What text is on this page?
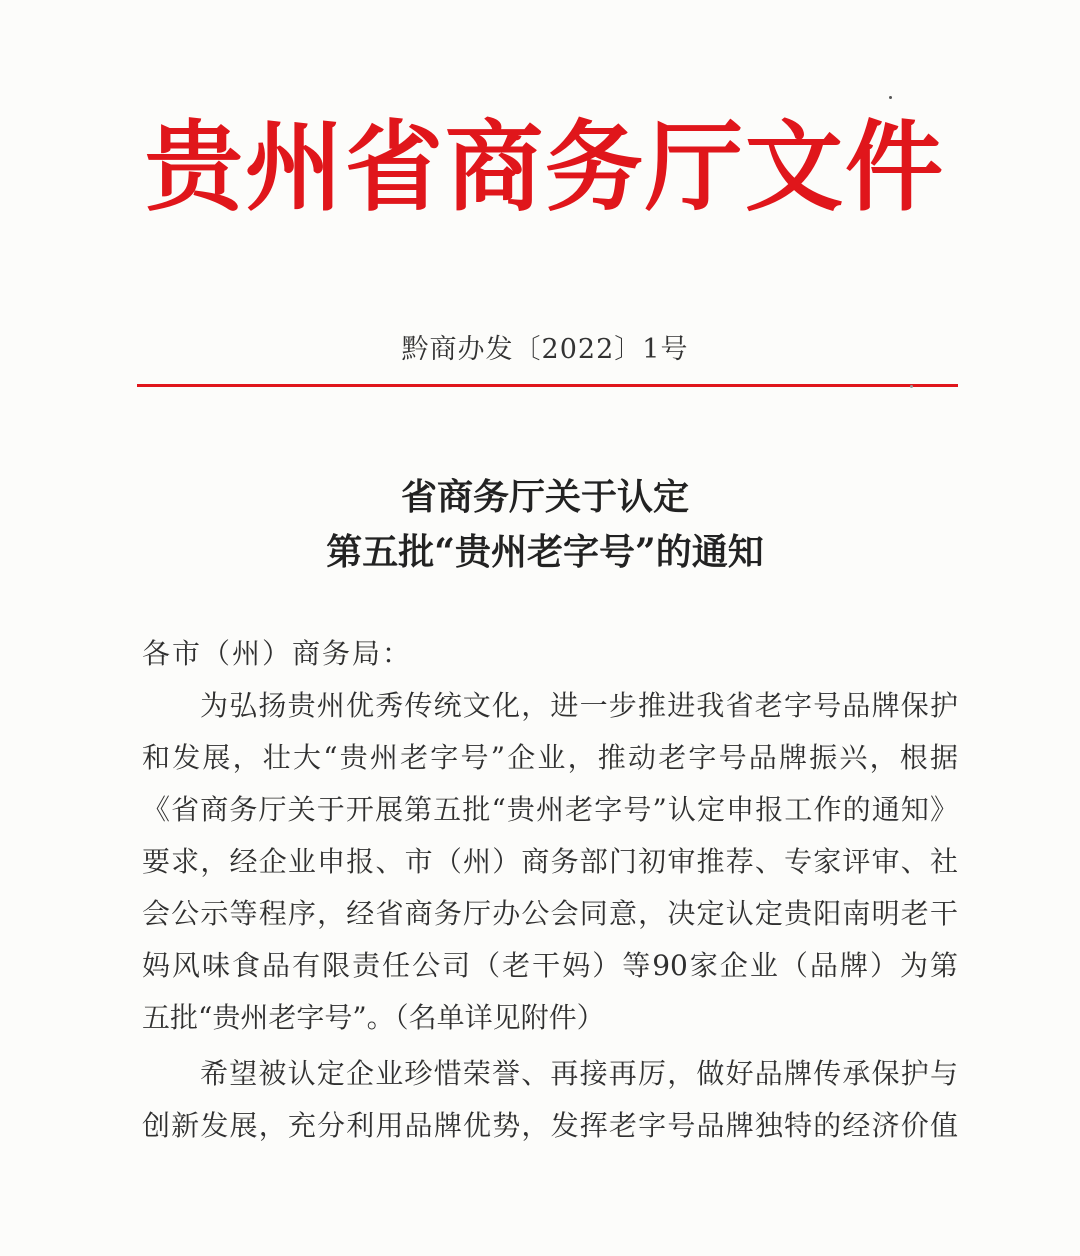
贵州省商务厅文件
黔商办发〔2022〕1号
省商务厅关于认定
第五批“贵州老字号”的通知
各市（州）商务局：
为弘扬贵州优秀传统文化，进一步推进我省老字号品牌保护
和发展，壮大“贵州老字号”企业，推动老字号品牌振兴，根据
《省商务厅关于开展第五批“贵州老字号”认定申报工作的通知》
要求，经企业申报、市（州）商务部门初审推荐、专家评审、社
会公示等程序，经省商务厅办公会同意，决定认定贵阳南明老干
妈风味食品有限责任公司（老干妈）等90家企业（品牌）为第
五批“贵州老字号”。（名单详见附件）
希望被认定企业珍惜荣誉、再接再厉，做好品牌传承保护与
创新发展，充分利用品牌优势，发挥老字号品牌独特的经济价值
